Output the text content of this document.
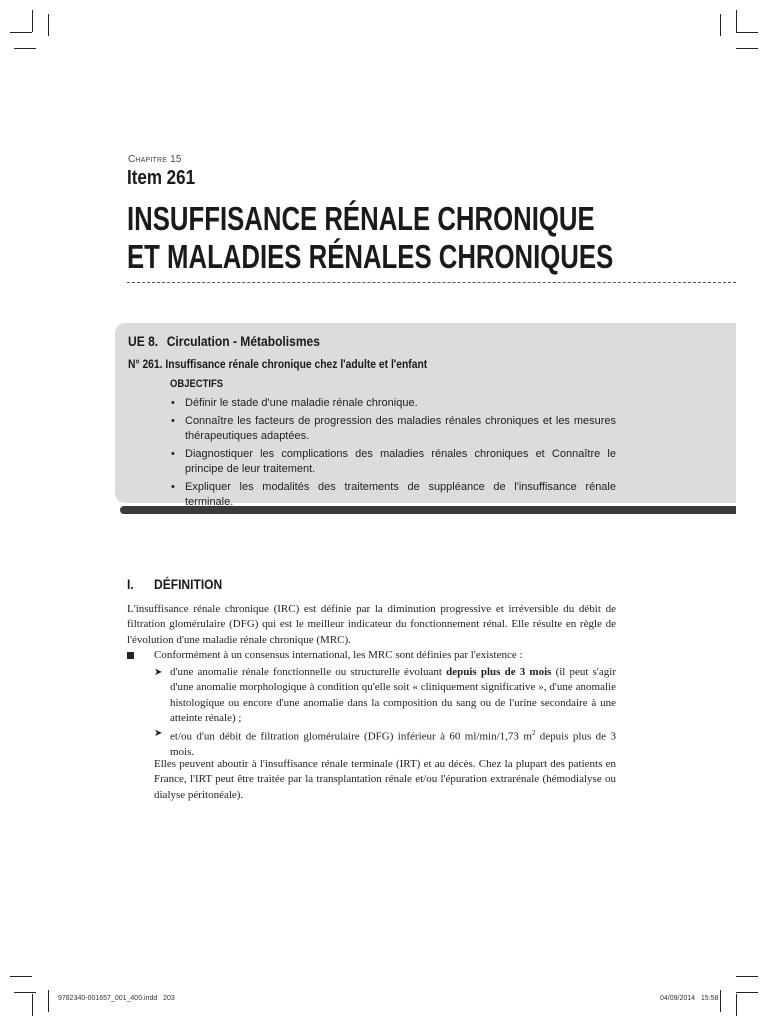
Chapitre 15
Item 261
INSUFFISANCE RÉNALE CHRONIQUE
ET MALADIES RÉNALES CHRONIQUES
UE 8. Circulation - Métabolismes
N° 261. Insuffisance rénale chronique chez l'adulte et l'enfant
OBJECTIFS
• Définir le stade d'une maladie rénale chronique.
• Connaître les facteurs de progression des maladies rénales chroniques et les mesures thérapeutiques adaptées.
• Diagnostiquer les complications des maladies rénales chroniques et Connaître le principe de leur traitement.
• Expliquer les modalités des traitements de suppléance de l'insuffisance rénale terminale.
I. DÉFINITION

L'insuffisance rénale chronique (IRC) est définie par la diminution progressive et irréversible du débit de filtration glomérulaire (DFG) qui est le meilleur indicateur du fonctionnement rénal. Elle résulte en règle de l'évolution d'une maladie rénale chronique (MRC).

Conformément à un consensus international, les MRC sont définies par l'existence :

➤ d'une anomalie rénale fonctionnelle ou structurelle évoluant depuis plus de 3 mois (il peut s'agir d'une anomalie morphologique à condition qu'elle soit « cliniquement significative », d'une anomalie histologique ou encore d'une anomalie dans la composition du sang ou de l'urine secondaire à une atteinte rénale) ;

➤ et/ou d'un débit de filtration glomérulaire (DFG) inférieur à 60 ml/min/1,73 $m^2$ depuis plus de 3 mois.

Elles peuvent aboutir à l'insuffisance rénale terminale (IRT) et au décès. Chez la plupart des patients en France, l'IRT peut être traitée par la transplantation rénale et/ou l'épuration extrarénale (hémodialyse ou dialyse péritonéale).

9782340-001657_001_400.indd   203	04/09/2014   15:58
